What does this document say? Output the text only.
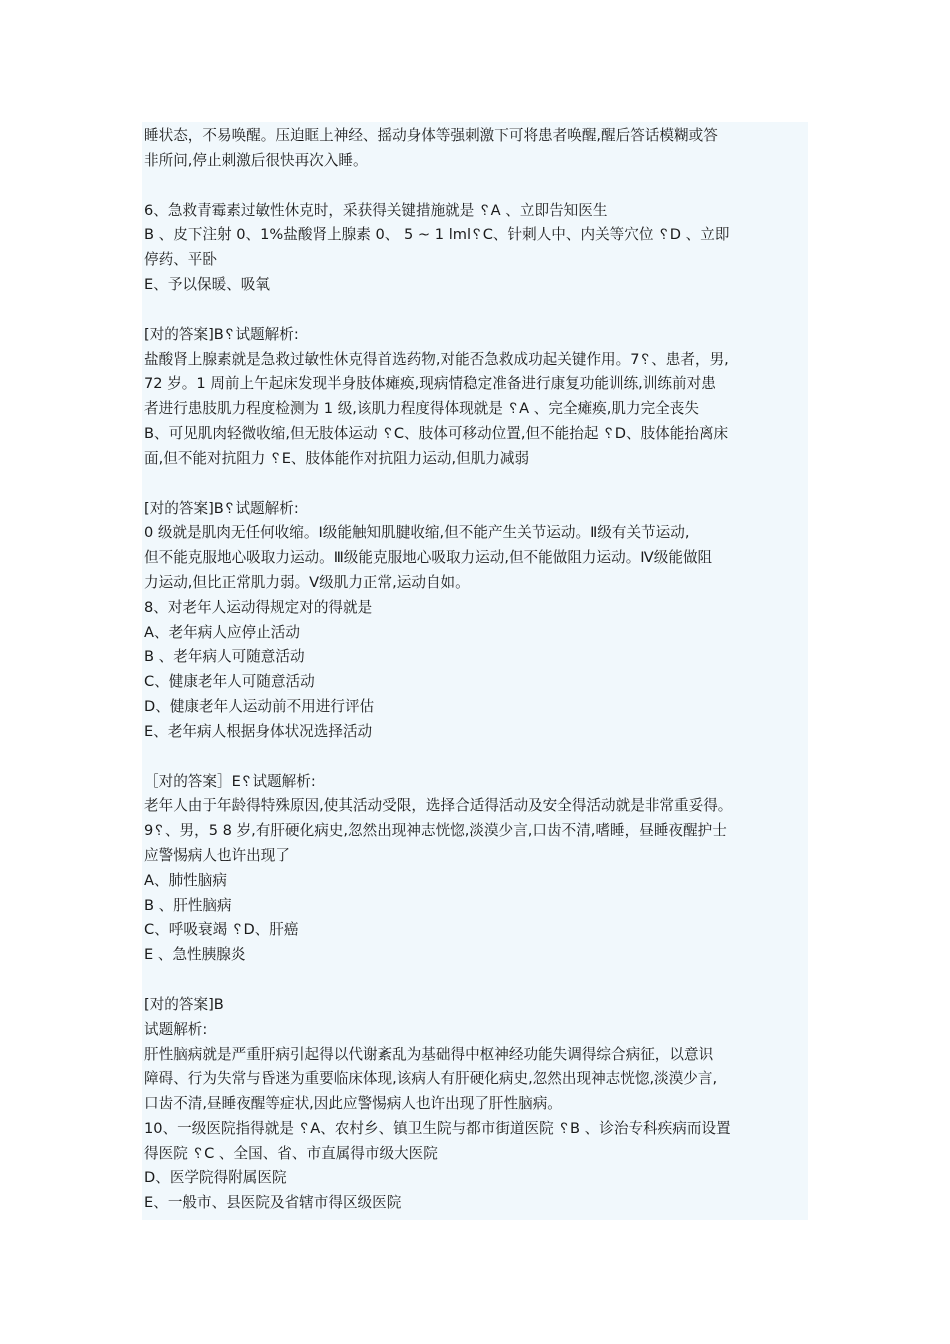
睡状态，不易唤醒。压迫眶上神经、摇动身体等强刺激下可将患者唤醒,醒后答话模糊或答
非所问,停止刺激后很快再次入睡。
6、急救青霉素过敏性休克时，采获得关键措施就是 ␦A 、立即告知医生
B 、皮下注射 0、1%盐酸肾上腺素 0、 5 ~ 1 lml␦C、针刺人中、内关等穴位 ␦D 、立即
停药、平卧
E、予以保暖、吸氧
[对的答案]B␦试题解析:
盐酸肾上腺素就是急救过敏性休克得首选药物,对能否急救成功起关键作用。7␦、患者，男,
72 岁。1 周前上午起床发现半身肢体瘫痪,现病情稳定准备进行康复功能训练,训练前对患
者进行患肢肌力程度检测为 1 级,该肌力程度得体现就是 ␦A 、完全瘫痪,肌力完全丧失
B、可见肌肉轻微收缩,但无肢体运动 ␦C、肢体可移动位置,但不能抬起 ␦D、肢体能抬离床
面,但不能对抗阻力 ␦E、肢体能作对抗阻力运动,但肌力减弱
[对的答案]B␦试题解析:
0 级就是肌肉无任何收缩。Ⅰ级能触知肌腱收缩,但不能产生关节运动。Ⅱ级有关节运动,
但不能克服地心吸取力运动。Ⅲ级能克服地心吸取力运动,但不能做阻力运动。Ⅳ级能做阻
力运动,但比正常肌力弱。Ⅴ级肌力正常,运动自如。
8、对老年人运动得规定对的得就是
A、老年病人应停止活动
B 、老年病人可随意活动
C、健康老年人可随意活动
D、健康老年人运动前不用进行评估
E、老年病人根据身体状况选择活动
［对的答案］E␦试题解析:
老年人由于年龄得特殊原因,使其活动受限，选择合适得活动及安全得活动就是非常重妥得。
9␦、男，5 8 岁,有肝硬化病史,忽然出现神志恍惚,淡漠少言,口齿不清,嗜睡，昼睡夜醒护士
应警惕病人也许出现了
A、肺性脑病
B 、肝性脑病
C、呼吸衰竭 ␦D、肝癌
E 、急性胰腺炎
[对的答案]B
试题解析:
肝性脑病就是严重肝病引起得以代谢紊乱为基础得中枢神经功能失调得综合病征，以意识
障碍、行为失常与昏迷为重要临床体现,该病人有肝硬化病史,忽然出现神志恍惚,淡漠少言,
口齿不清,昼睡夜醒等症状,因此应警惕病人也许出现了肝性脑病。
10、一级医院指得就是 ␦A、农村乡、镇卫生院与都市街道医院 ␦B 、诊治专科疾病而设置
得医院 ␦C 、全国、省、市直属得市级大医院
D、医学院得附属医院
E、一般市、县医院及省辖市得区级医院
